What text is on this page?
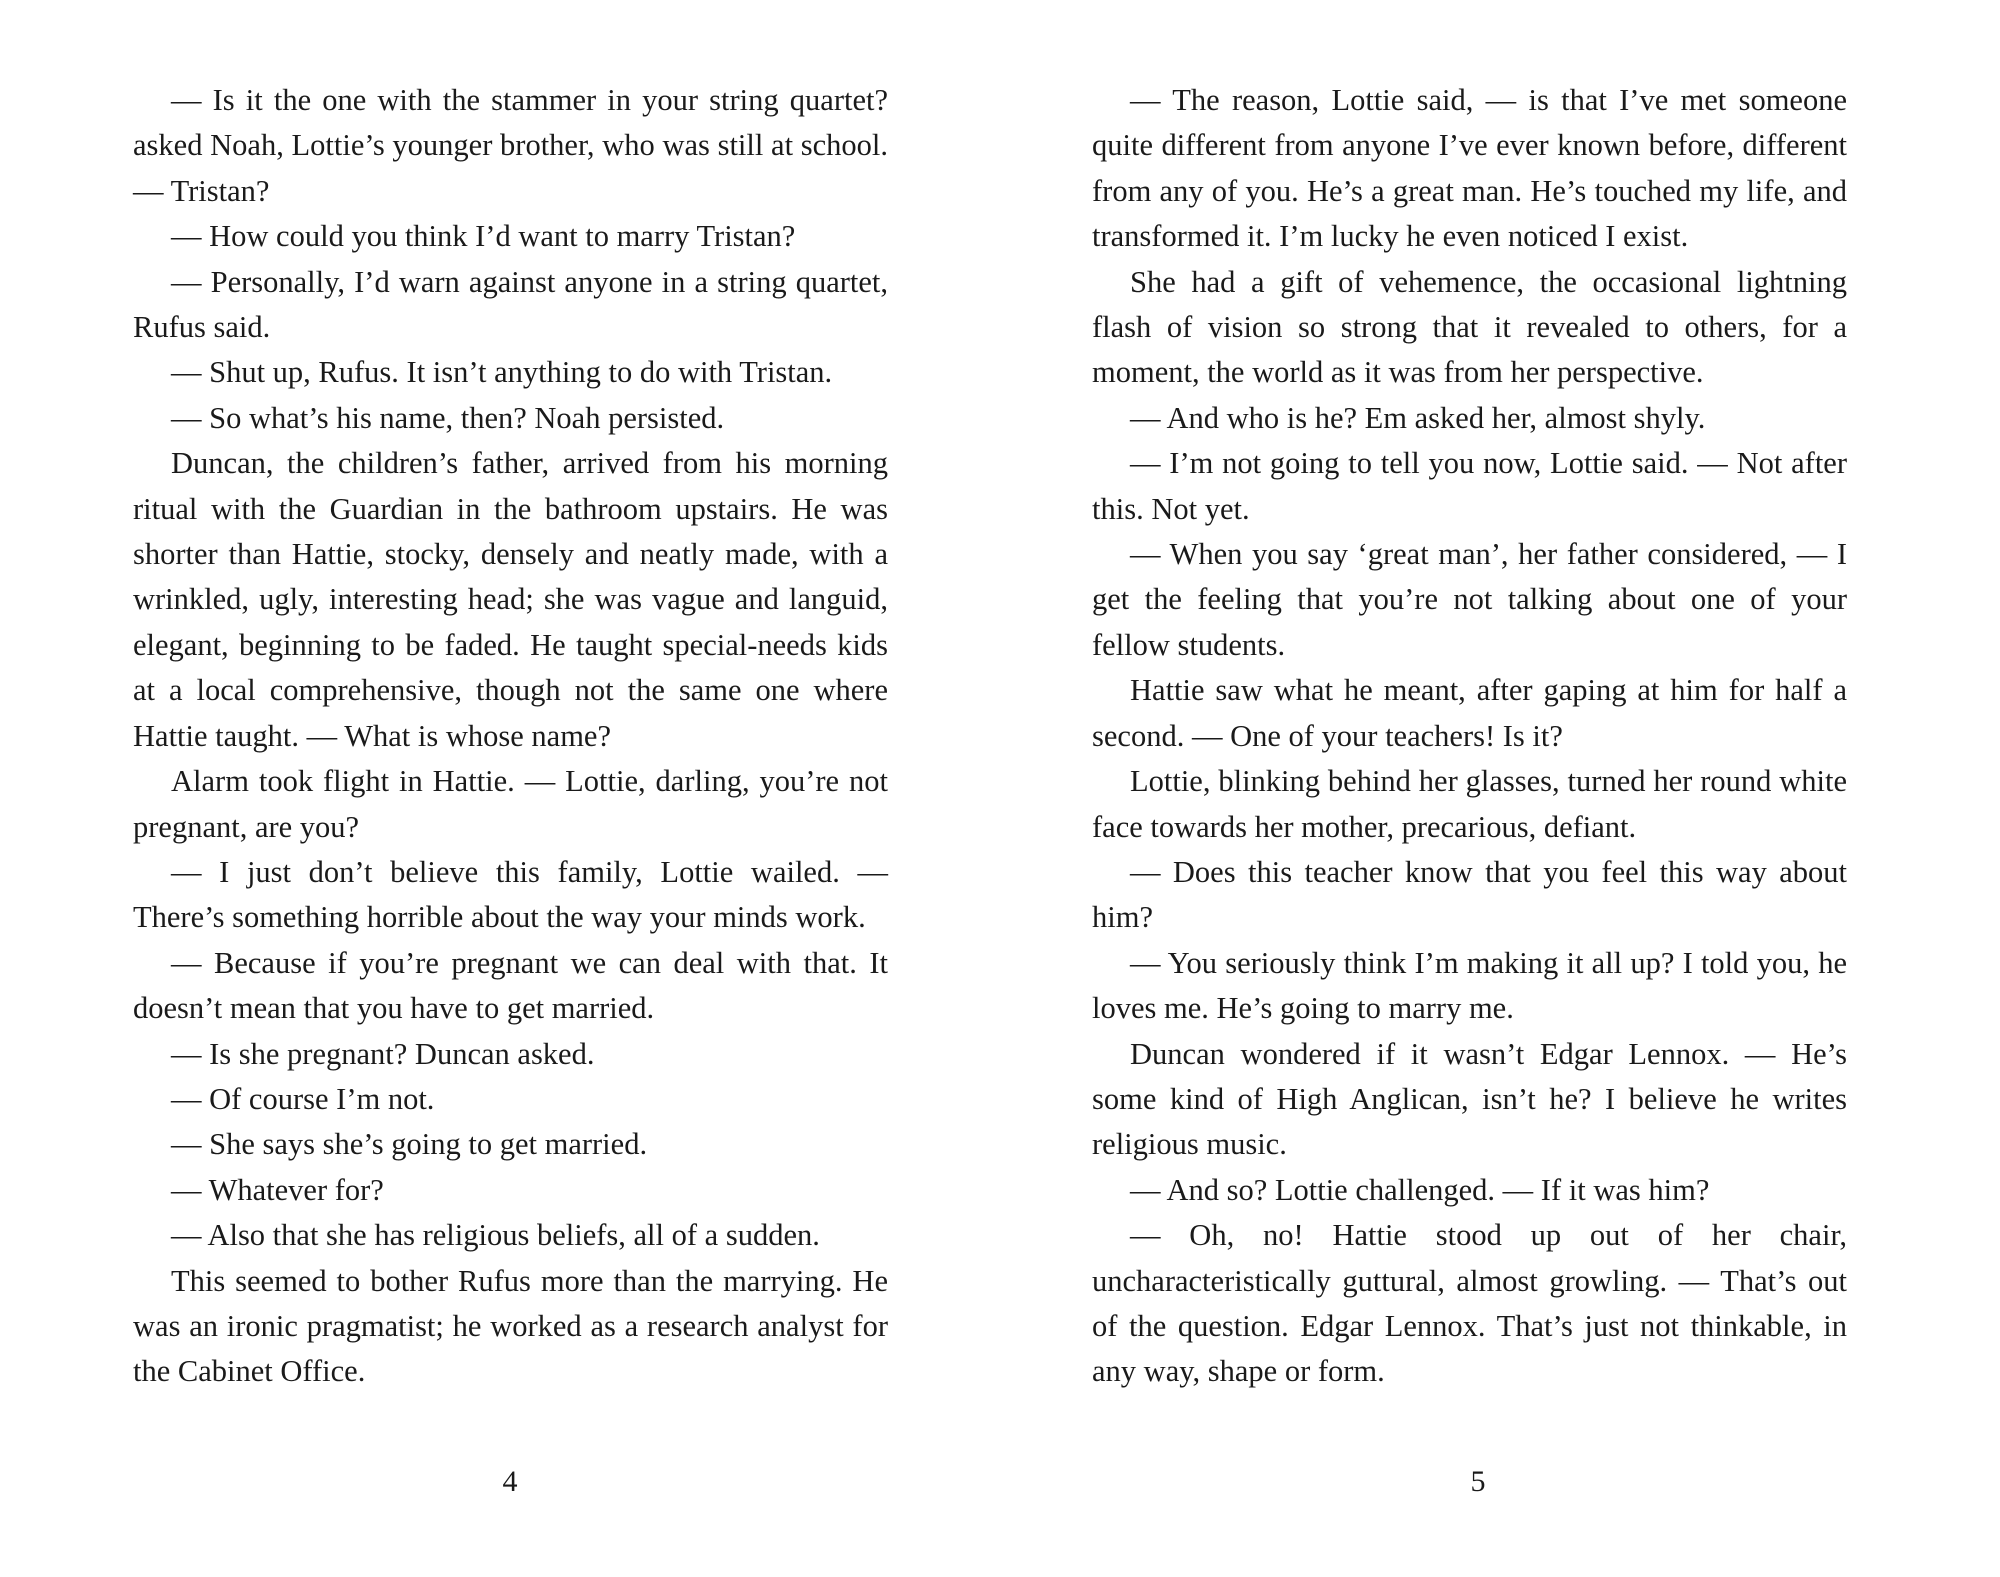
— Is it the one with the stammer in your string quartet? asked Noah, Lottie’s younger brother, who was still at school. — Tristan?

— How could you think I’d want to marry Tristan?

— Personally, I’d warn against anyone in a string quartet, Rufus said.

— Shut up, Rufus. It isn’t anything to do with Tristan.

— So what’s his name, then? Noah persisted.

Duncan, the children’s father, arrived from his morning ritual with the Guardian in the bathroom upstairs. He was shorter than Hattie, stocky, densely and neatly made, with a wrinkled, ugly, interesting head; she was vague and languid, elegant, beginning to be faded. He taught special-needs kids at a local comprehensive, though not the same one where Hattie taught. — What is whose name?

Alarm took flight in Hattie. — Lottie, darling, you’re not pregnant, are you?

— I just don’t believe this family, Lottie wailed. — There’s something horrible about the way your minds work.

— Because if you’re pregnant we can deal with that. It doesn’t mean that you have to get married.

— Is she pregnant? Duncan asked.

— Of course I’m not.

— She says she’s going to get married.

— Whatever for?

— Also that she has religious beliefs, all of a sudden.

This seemed to bother Rufus more than the marrying. He was an ironic pragmatist; he worked as a research analyst for the Cabinet Office.

4

— The reason, Lottie said, — is that I’ve met someone quite different from anyone I’ve ever known before, different from any of you. He’s a great man. He’s touched my life, and transformed it. I’m lucky he even noticed I exist.

She had a gift of vehemence, the occasional lightning flash of vision so strong that it revealed to others, for a moment, the world as it was from her perspective.

— And who is he? Em asked her, almost shyly.

— I’m not going to tell you now, Lottie said. — Not after this. Not yet.

— When you say ‘great man’, her father considered, — I get the feeling that you’re not talking about one of your fellow students.

Hattie saw what he meant, after gaping at him for half a second. — One of your teachers! Is it?

Lottie, blinking behind her glasses, turned her round white face towards her mother, precarious, defiant.

— Does this teacher know that you feel this way about him?

— You seriously think I’m making it all up? I told you, he loves me. He’s going to marry me.

Duncan wondered if it wasn’t Edgar Lennox. — He’s some kind of High Anglican, isn’t he? I believe he writes religious music.

— And so? Lottie challenged. — If it was him?

— Oh, no! Hattie stood up out of her chair, uncharacteristically guttural, almost growling. — That’s out of the question. Edgar Lennox. That’s just not thinkable, in any way, shape or form.

5
